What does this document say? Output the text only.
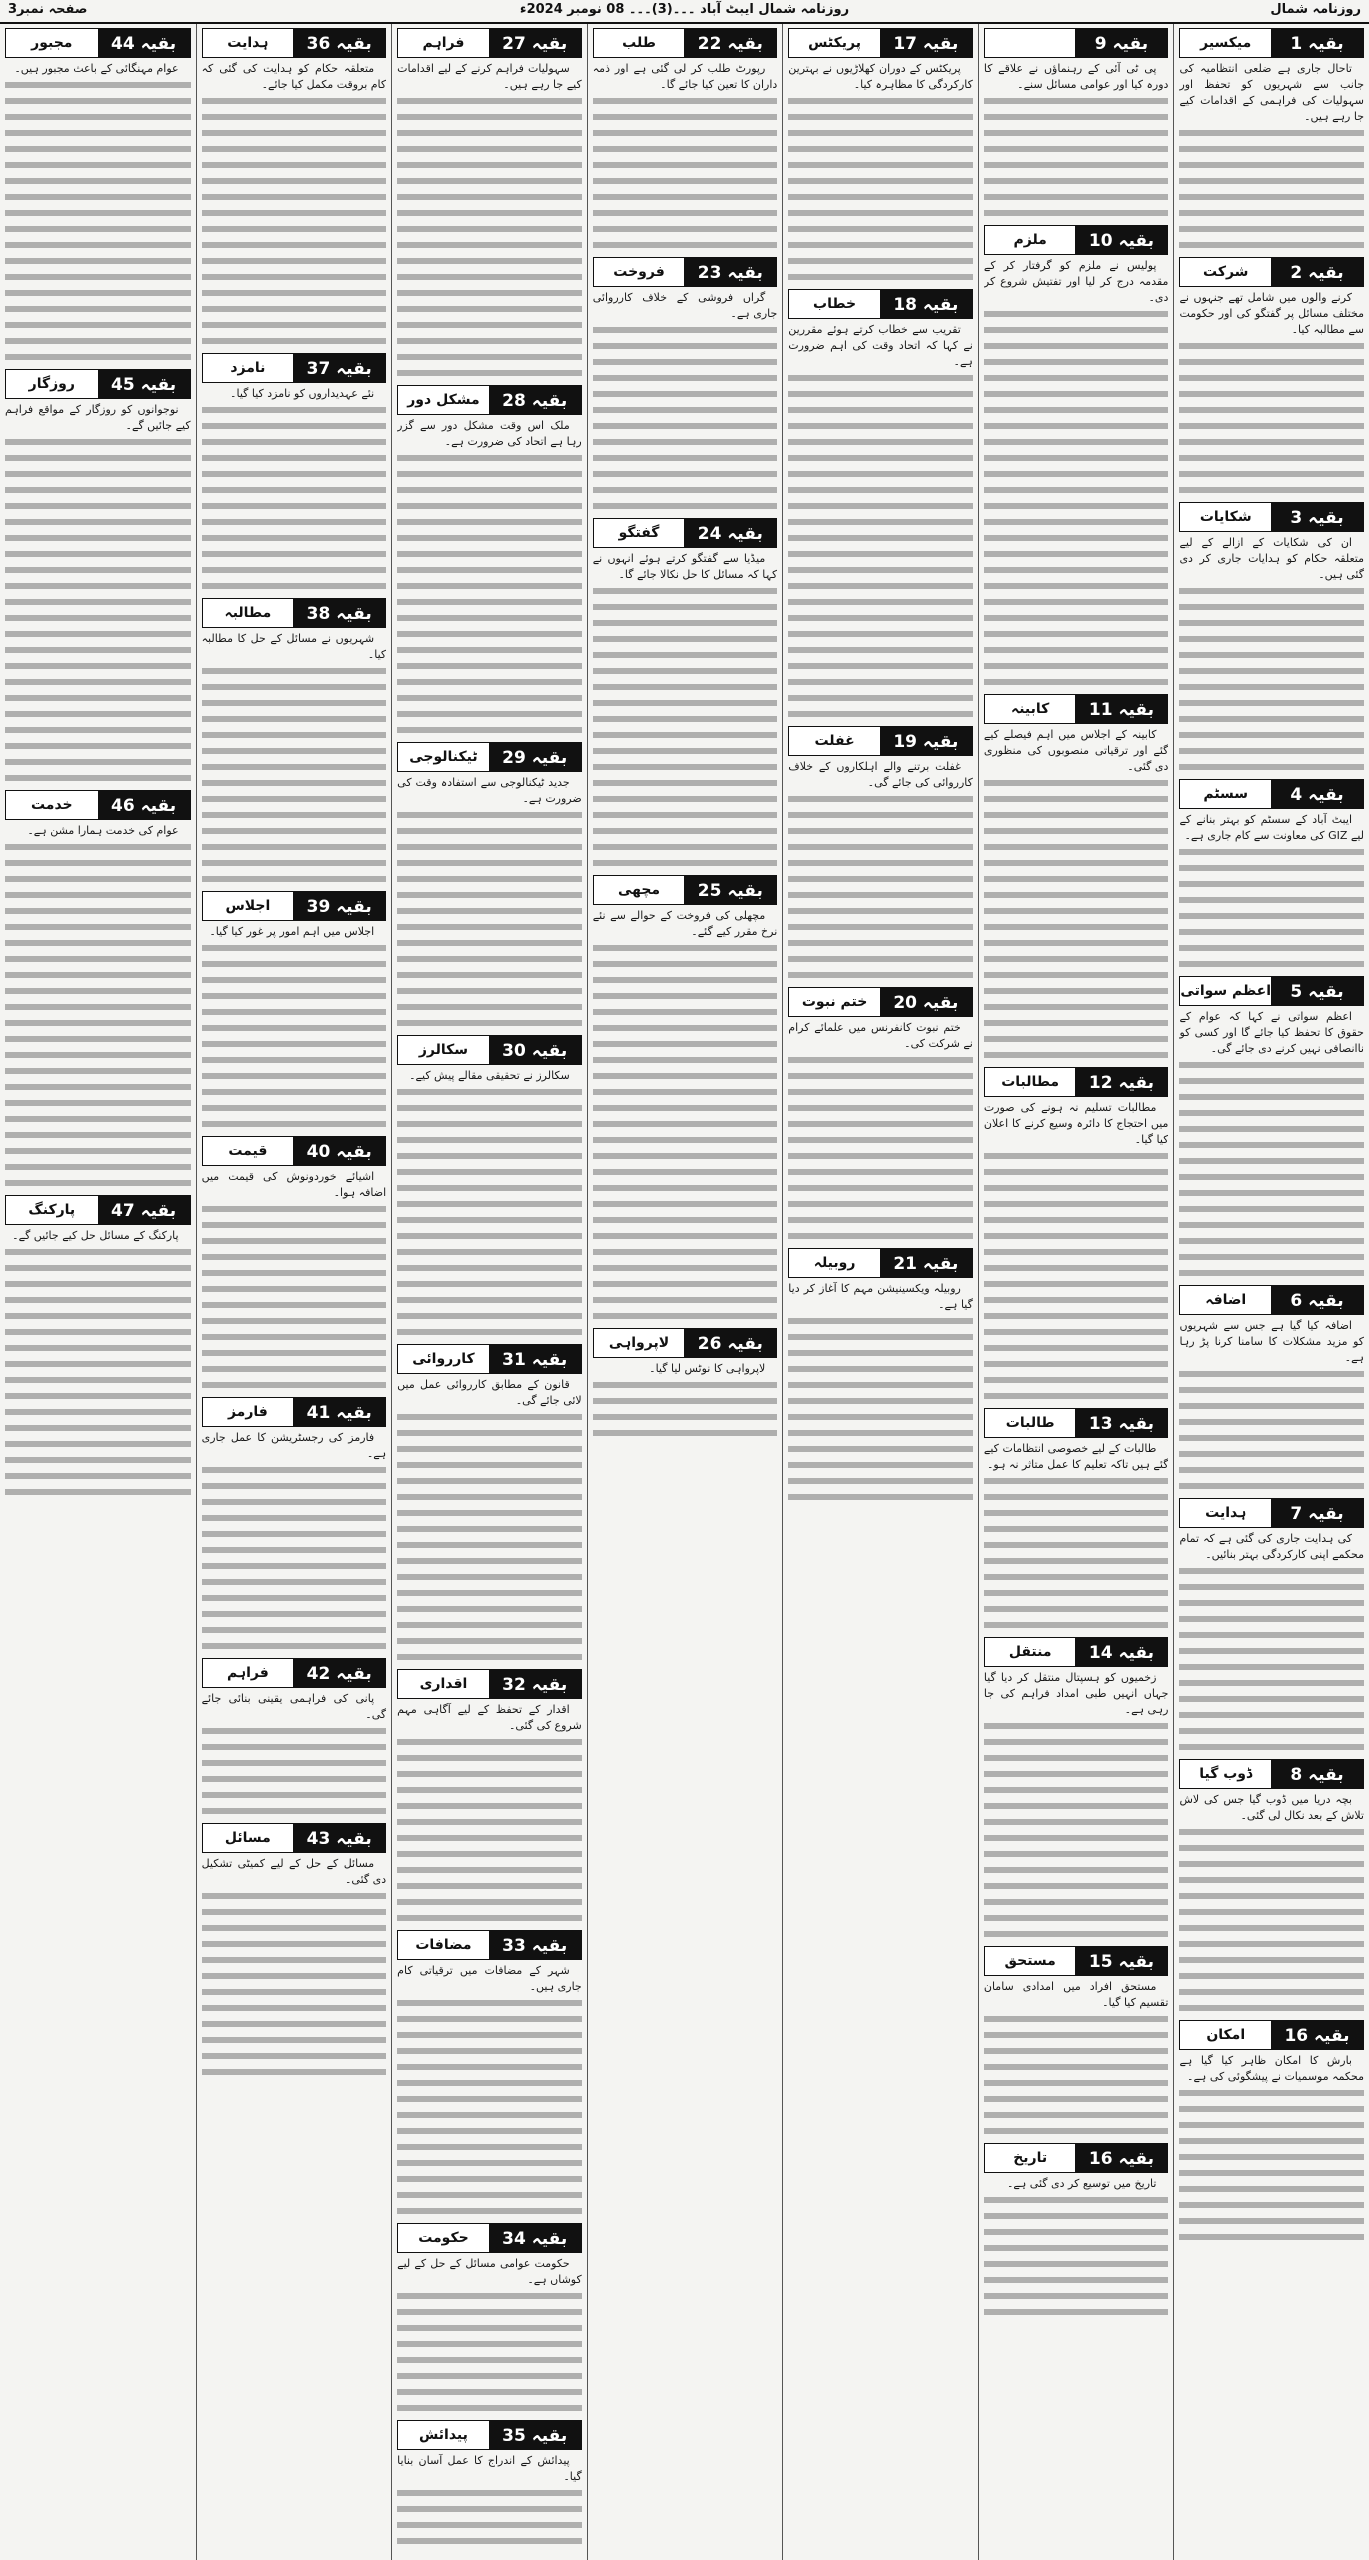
روزنامہ شمال
روزنامہ شمال ایبٹ آباد ۔۔۔(3)۔۔۔ 08 نومبر 2024ء
صفحہ نمبر3
میکسیر	بقیہ 1

تاحال جاری ہے ضلعی انتظامیہ کی جانب سے شہریوں کو تحفظ اور سہولیات کی فراہمی کے اقدامات کیے جا رہے ہیں۔

شرکت	بقیہ 2

کرنے والوں میں شامل تھے جنہوں نے مختلف مسائل پر گفتگو کی اور حکومت سے مطالبہ کیا۔

شکایات	بقیہ 3

ان کی شکایات کے ازالے کے لیے متعلقہ حکام کو ہدایات جاری کر دی گئی ہیں۔

سسٹم	بقیہ 4

ایبٹ آباد کے سسٹم کو بہتر بنانے کے لیے GIZ کی معاونت سے کام جاری ہے۔

اعظم سواتی	بقیہ 5

اعظم سواتی نے کہا کہ عوام کے حقوق کا تحفظ کیا جائے گا اور کسی کو ناانصافی نہیں کرنے دی جائے گی۔

اضافہ	بقیہ 6

اضافہ کیا گیا ہے جس سے شہریوں کو مزید مشکلات کا سامنا کرنا پڑ رہا ہے۔

ہدایت	بقیہ 7

کی ہدایت جاری کی گئی ہے کہ تمام محکمے اپنی کارکردگی بہتر بنائیں۔

ڈوب گیا	بقیہ 8

بچہ دریا میں ڈوب گیا جس کی لاش تلاش کے بعد نکال لی گئی۔

امکان	بقیہ 16

بارش کا امکان ظاہر کیا گیا ہے محکمہ موسمیات نے پیشگوئی کی ہے۔

بقیہ 9

پی ٹی آئی کے رہنماؤں نے علاقے کا دورہ کیا اور عوامی مسائل سنے۔

ملزم	بقیہ 10

پولیس نے ملزم کو گرفتار کر کے مقدمہ درج کر لیا اور تفتیش شروع کر دی۔

کابینہ	بقیہ 11

کابینہ کے اجلاس میں اہم فیصلے کیے گئے اور ترقیاتی منصوبوں کی منظوری دی گئی۔

مطالبات	بقیہ 12

مطالبات تسلیم نہ ہونے کی صورت میں احتجاج کا دائرہ وسیع کرنے کا اعلان کیا گیا۔

طالبات	بقیہ 13

طالبات کے لیے خصوصی انتظامات کیے گئے ہیں تاکہ تعلیم کا عمل متاثر نہ ہو۔

منتقل	بقیہ 14

زخمیوں کو ہسپتال منتقل کر دیا گیا جہاں انہیں طبی امداد فراہم کی جا رہی ہے۔

مستحق	بقیہ 15

مستحق افراد میں امدادی سامان تقسیم کیا گیا۔

تاریخ	بقیہ 16

تاریخ میں توسیع کر دی گئی ہے۔

پریکٹس	بقیہ 17

پریکٹس کے دوران کھلاڑیوں نے بہترین کارکردگی کا مظاہرہ کیا۔

خطاب	بقیہ 18

تقریب سے خطاب کرتے ہوئے مقررین نے کہا کہ اتحاد وقت کی اہم ضرورت ہے۔

غفلت	بقیہ 19

غفلت برتنے والے اہلکاروں کے خلاف کارروائی کی جائے گی۔

ختم نبوت	بقیہ 20

ختم نبوت کانفرنس میں علمائے کرام نے شرکت کی۔

روبیلہ	بقیہ 21

روبیلہ ویکسینیشن مہم کا آغاز کر دیا گیا ہے۔

طلب	بقیہ 22

رپورٹ طلب کر لی گئی ہے اور ذمہ داران کا تعین کیا جائے گا۔

فروخت	بقیہ 23

گراں فروشی کے خلاف کارروائی جاری ہے۔

گفتگو	بقیہ 24

میڈیا سے گفتگو کرتے ہوئے انہوں نے کہا کہ مسائل کا حل نکالا جائے گا۔

مچھی	بقیہ 25

مچھلی کی فروخت کے حوالے سے نئے نرخ مقرر کیے گئے۔

لاپرواہی	بقیہ 26

لاپرواہی کا نوٹس لیا گیا۔

فراہم	بقیہ 27

سہولیات فراہم کرنے کے لیے اقدامات کیے جا رہے ہیں۔

مشکل دور	بقیہ 28

ملک اس وقت مشکل دور سے گزر رہا ہے اتحاد کی ضرورت ہے۔

ٹیکنالوجی	بقیہ 29

جدید ٹیکنالوجی سے استفادہ وقت کی ضرورت ہے۔

سکالرز	بقیہ 30

سکالرز نے تحقیقی مقالے پیش کیے۔

کارروائی	بقیہ 31

قانون کے مطابق کارروائی عمل میں لائی جائے گی۔

اقداری	بقیہ 32

اقدار کے تحفظ کے لیے آگاہی مہم شروع کی گئی۔

مضافات	بقیہ 33

شہر کے مضافات میں ترقیاتی کام جاری ہیں۔

حکومت	بقیہ 34

حکومت عوامی مسائل کے حل کے لیے کوشاں ہے۔

پیدائش	بقیہ 35

پیدائش کے اندراج کا عمل آسان بنایا گیا۔

ہدایت	بقیہ 36

متعلقہ حکام کو ہدایت کی گئی کہ کام بروقت مکمل کیا جائے۔

نامزد	بقیہ 37

نئے عہدیداروں کو نامزد کیا گیا۔

مطالبہ	بقیہ 38

شہریوں نے مسائل کے حل کا مطالبہ کیا۔

اجلاس	بقیہ 39

اجلاس میں اہم امور پر غور کیا گیا۔

قیمت	بقیہ 40

اشیائے خوردونوش کی قیمت میں اضافہ ہوا۔

فارمز	بقیہ 41

فارمز کی رجسٹریشن کا عمل جاری ہے۔

فراہم	بقیہ 42

پانی کی فراہمی یقینی بنائی جائے گی۔

مسائل	بقیہ 43

مسائل کے حل کے لیے کمیٹی تشکیل دی گئی۔

مجبور	بقیہ 44

عوام مہنگائی کے باعث مجبور ہیں۔

روزگار	بقیہ 45

نوجوانوں کو روزگار کے مواقع فراہم کیے جائیں گے۔

خدمت	بقیہ 46

عوام کی خدمت ہمارا مشن ہے۔

پارکنگ	بقیہ 47

پارکنگ کے مسائل حل کیے جائیں گے۔
